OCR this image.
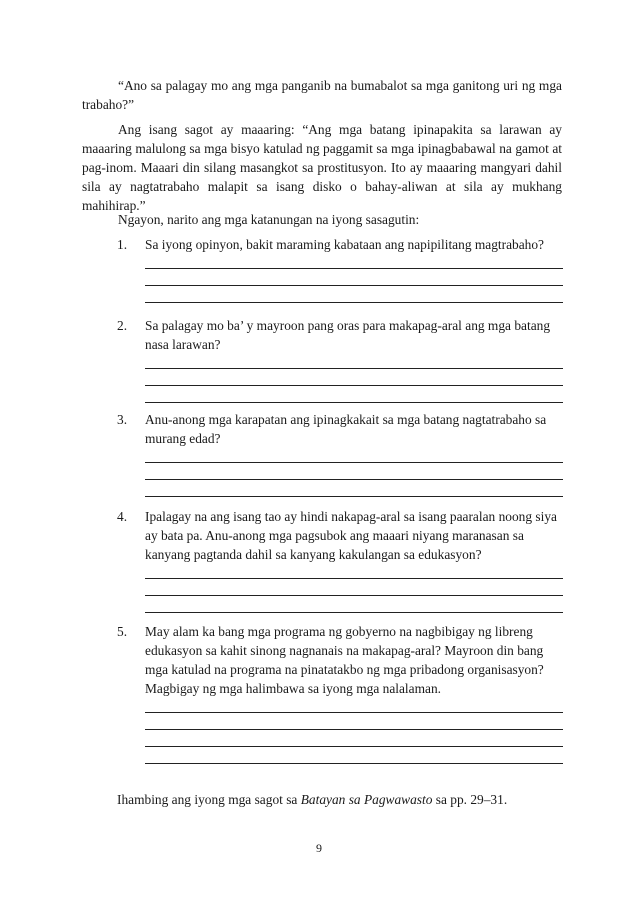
“Ano sa palagay mo ang mga panganib na bumabalot sa mga ganitong uri ng mga trabaho?”

Ang isang sagot ay maaaring: “Ang mga batang ipinapakita sa larawan ay maaaring malulong sa mga bisyo katulad ng paggamit sa mga ipinagbabawal na gamot at pag-inom. Maaari din silang masangkot sa prostitusyon. Ito ay maaaring mangyari dahil sila ay nagtatrabaho malapit sa isang disko o bahay-aliwan at sila ay mukhang mahihirap.”

Ngayon, narito ang mga katanungan na iyong sasagutin:

1. Sa iyong opinyon, bakit maraming kabataan ang napipilitang magtrabaho?
2. Sa palagay mo ba’ y mayroon pang oras para makapag-aral ang mga batang nasa larawan?
3. Anu-anong mga karapatan ang ipinagkakait sa mga batang nagtatrabaho sa murang edad?
4. Ipalagay na ang isang tao ay hindi nakapag-aral sa isang paaralan noong siya ay bata pa. Anu-anong mga pagsubok ang maaari niyang maranasan sa kanyang pagtanda dahil sa kanyang kakulangan sa edukasyon?
5. May alam ka bang mga programa ng gobyerno na nagbibigay ng libreng edukasyon sa kahit sinong nagnanais na makapag-aral? Mayroon din bang mga katulad na programa na pinatatakbo ng mga pribadong organisasyon? Magbigay ng mga halimbawa sa iyong mga nalalaman.
Ihambing ang iyong mga sagot sa Batayan sa Pagwawasto sa pp. 29–31.
9
